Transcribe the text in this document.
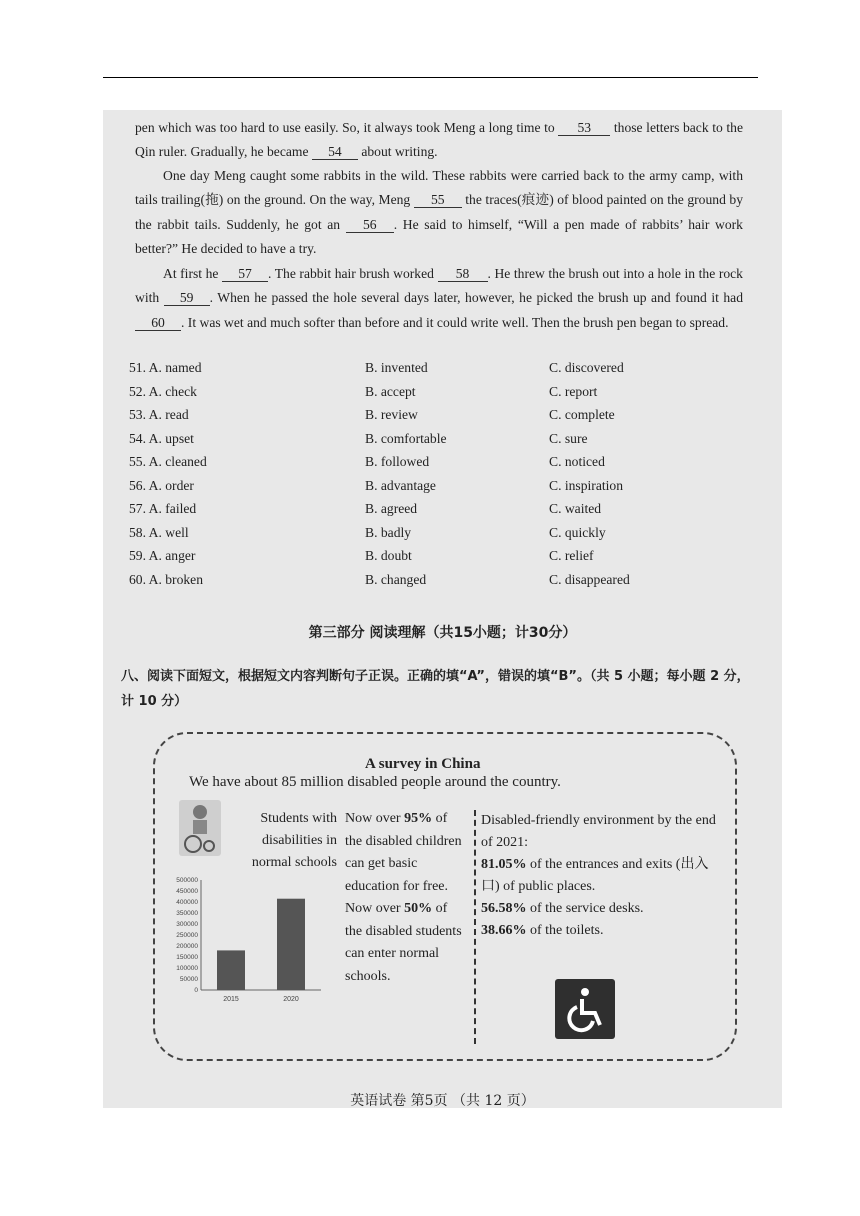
pen which was too hard to use easily. So, it always took Meng a long time to 53 those letters back to the Qin ruler. Gradually, he became 54 about writing.

One day Meng caught some rabbits in the wild. These rabbits were carried back to the army camp, with tails trailing(拖) on the ground. On the way, Meng 55 the traces(痕迹) of blood painted on the ground by the rabbit tails. Suddenly, he got an 56 . He said to himself, “Will a pen made of rabbits’ hair work better?” He decided to have a try.

At first he 57 . The rabbit hair brush worked 58 . He threw the brush out into a hole in the rock with 59 . When he passed the hole several days later, however, he picked the brush up and found it had 60 . It was wet and much softer than before and it could write well. Then the brush pen began to spread.

51. A. named	B. invented	C. discovered
52. A. check	B. accept	C. report
53. A. read	B. review	C. complete
54. A. upset	B. comfortable	C. sure
55. A. cleaned	B. followed	C. noticed
56. A. order	B. advantage	C. inspiration
57. A. failed	B. agreed	C. waited
58. A. well	B. badly	C. quickly
59. A. anger	B. doubt	C. relief
60. A. broken	B. changed	C. disappeared
第三部分 阅读理解（共15小题；计30分）
八、阅读下面短文，根据短文内容判断句子正误。正确的填“A”，错误的填“B”。（共 5 小题；每小题 2 分，计 10 分）
A survey in China
We have about 85 million disabled people around the country.
Students with disabilities in normal schools
0
50000
100000
150000
200000
250000
300000
350000
400000
450000
500000
2015	2020
Now over 95% of the disabled children can get basic education for free.
Now over 50% of the disabled students can enter normal schools.
Disabled-friendly environment by the end of 2021:
81.05% of the entrances and exits (出入口) of public places.
56.58% of the service desks.
38.66% of the toilets.
英语试卷 第5页 （共 12 页）
